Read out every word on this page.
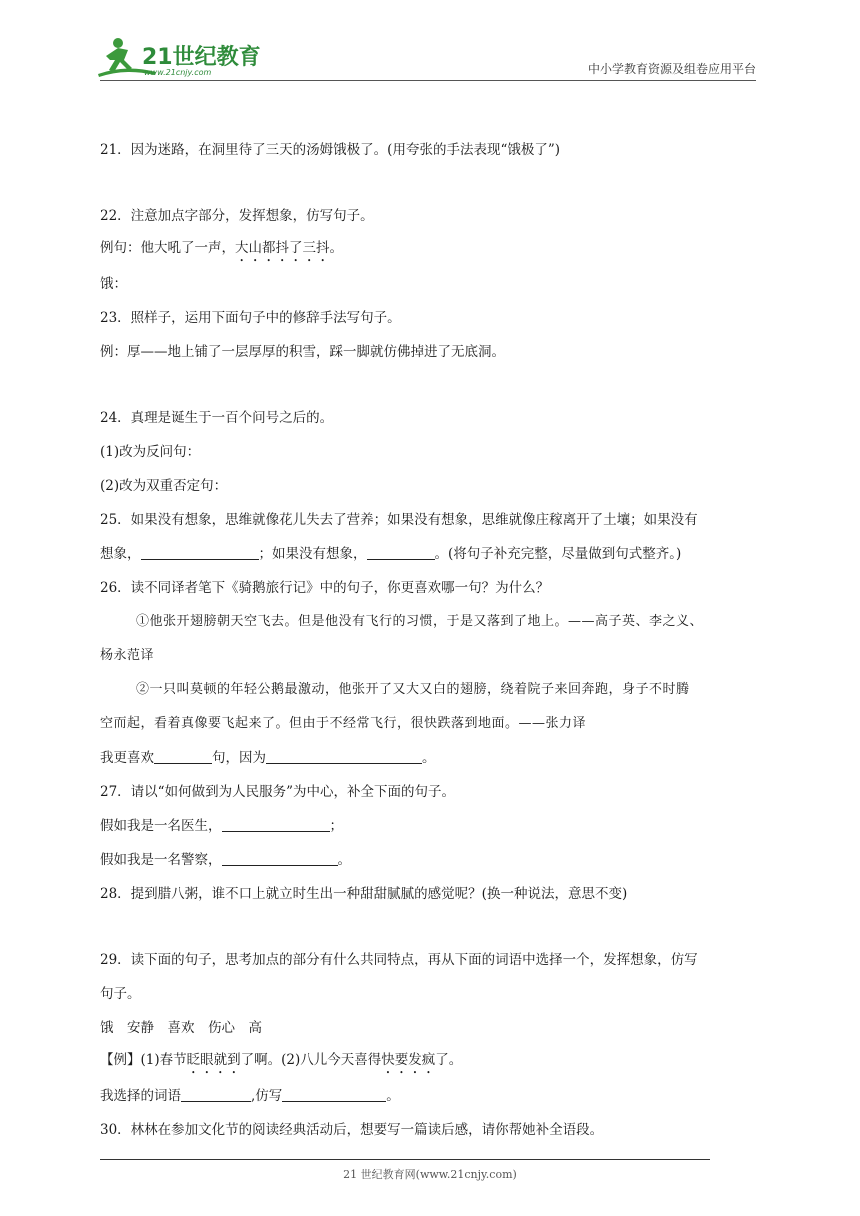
21世纪教育
www.21cnjy.com	中小学教育资源及组卷应用平台
21．因为迷路，在洞里待了三天的汤姆饿极了。(用夸张的手法表现“饿极了”)
22．注意加点字部分，发挥想象，仿写句子。
例句：他大吼了一声，大山都抖了三抖。
饿：
23．照样子，运用下面句子中的修辞手法写句子。
例：厚——地上铺了一层厚厚的积雪，踩一脚就仿佛掉进了无底洞。
24．真理是诞生于一百个问号之后的。
(1)改为反问句：
(2)改为双重否定句：
25．如果没有想象，思维就像花儿失去了营养；如果没有想象，思维就像庄稼离开了土壤；如果没有
想象，	；如果没有想象，	。(将句子补充完整，尽量做到句式整齐。)
26．读不同译者笔下《骑鹅旅行记》中的句子，你更喜欢哪一句？为什么？
①他张开翅膀朝天空飞去。但是他没有飞行的习惯，于是又落到了地上。——高子英、李之义、
杨永范译
②一只叫莫顿的年轻公鹅最激动，他张开了又大又白的翅膀，绕着院子来回奔跑，身子不时腾
空而起，看着真像要飞起来了。但由于不经常飞行，很快跌落到地面。——张力译
我更喜欢	句，因为	。
27．请以“如何做到为人民服务”为中心，补全下面的句子。
假如我是一名医生，	；
假如我是一名警察，	。
28．提到腊八粥，谁不口上就立时生出一种甜甜腻腻的感觉呢？(换一种说法，意思不变)
29．读下面的句子，思考加点的部分有什么共同特点，再从下面的词语中选择一个，发挥想象，仿写
句子。
饿　安静　喜欢　伤心　高
【例】(1)春节眨眼就到了啊。(2)八儿今天喜得快要发疯了。
我选择的词语	,仿写	。
30．林林在参加文化节的阅读经典活动后，想要写一篇读后感，请你帮她补全语段。
21 世纪教育网(www.21cnjy.com)
